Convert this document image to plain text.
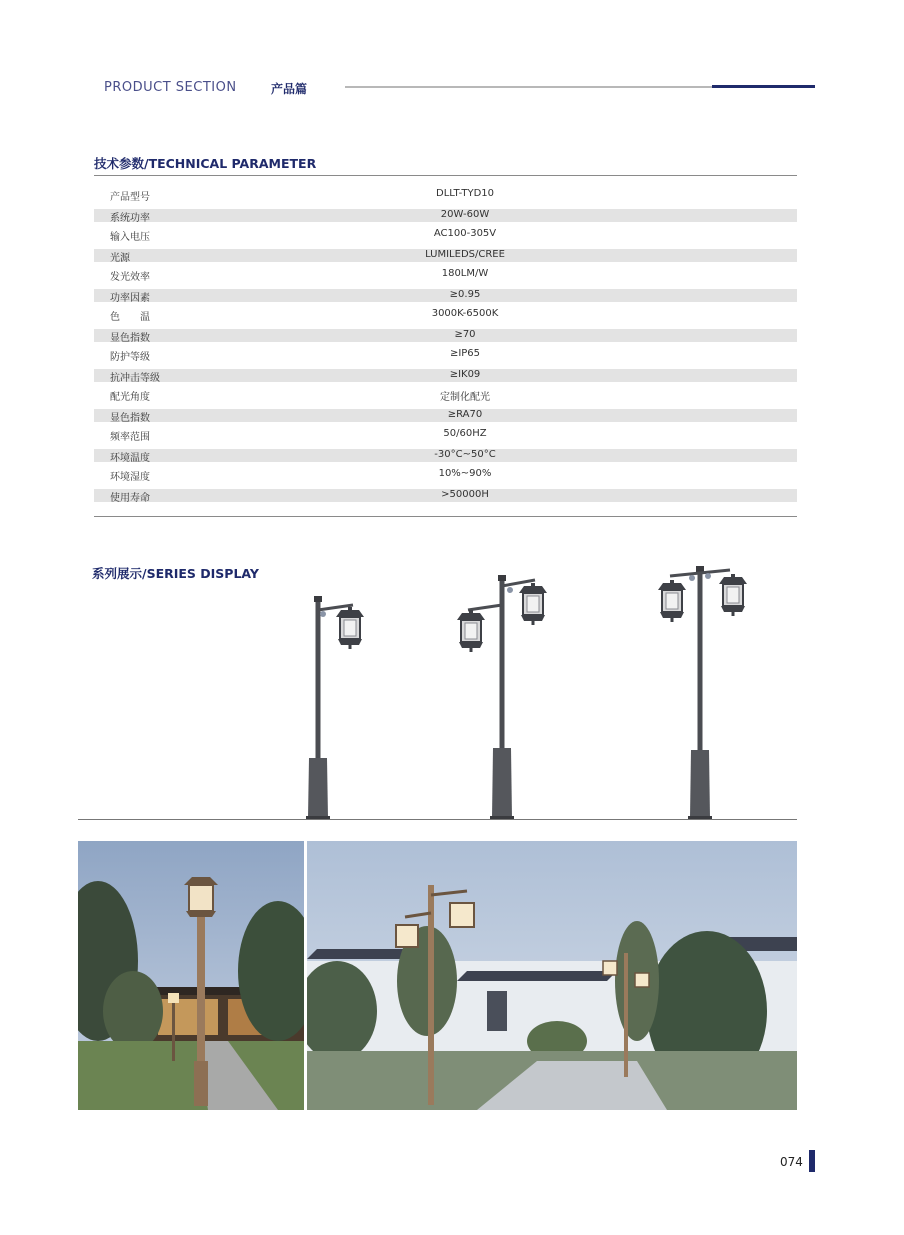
PRODUCT SECTION	产品篇
技术参数/TECHNICAL PARAMETER
产品型号	DLLT-TYD10
系统功率	20W-60W
输入电压	AC100-305V
光源	LUMILEDS/CREE
发光效率	180LM/W
功率因素	≥0.95
色　　温	3000K-6500K
显色指数	≥70
防护等级	≥IP65
抗冲击等级	≥IK09
配光角度	定制化配光
显色指数	≥RA70
频率范围	50/60HZ
环境温度	-30°C~50°C
环境湿度	10%~90%
使用寿命	>50000H
系列展示/SERIES DISPLAY
074
